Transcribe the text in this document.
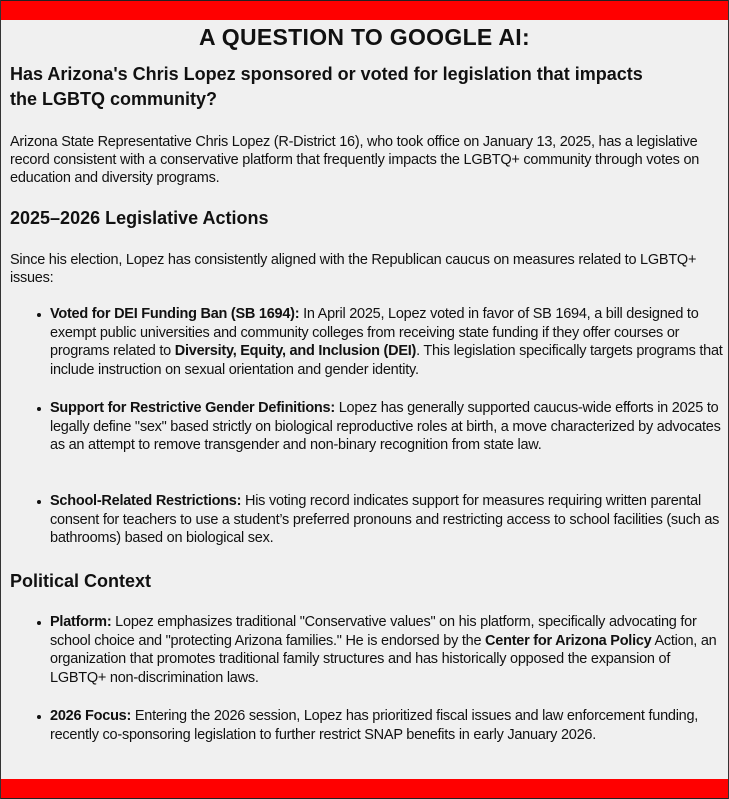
A QUESTION TO GOOGLE AI:
Has Arizona's Chris Lopez sponsored or voted for legislation that impacts the LGBTQ community?
Arizona State Representative Chris Lopez (R-District 16), who took office on January 13, 2025, has a legislative record consistent with a conservative platform that frequently impacts the LGBTQ+ community through votes on education and diversity programs.
2025–2026 Legislative Actions
Since his election, Lopez has consistently aligned with the Republican caucus on measures related to LGBTQ+ issues:
Voted for DEI Funding Ban (SB 1694): In April 2025, Lopez voted in favor of SB 1694, a bill designed to exempt public universities and community colleges from receiving state funding if they offer courses or programs related to Diversity, Equity, and Inclusion (DEI). This legislation specifically targets programs that include instruction on sexual orientation and gender identity.
Support for Restrictive Gender Definitions: Lopez has generally supported caucus-wide efforts in 2025 to legally define "sex" based strictly on biological reproductive roles at birth, a move characterized by advocates as an attempt to remove transgender and non-binary recognition from state law.
School-Related Restrictions: His voting record indicates support for measures requiring written parental consent for teachers to use a student’s preferred pronouns and restricting access to school facilities (such as bathrooms) based on biological sex.
Political Context
Platform: Lopez emphasizes traditional "Conservative values" on his platform, specifically advocating for school choice and "protecting Arizona families." He is endorsed by the Center for Arizona Policy Action, an organization that promotes traditional family structures and has historically opposed the expansion of LGBTQ+ non-discrimination laws.
2026 Focus: Entering the 2026 session, Lopez has prioritized fiscal issues and law enforcement funding, recently co-sponsoring legislation to further restrict SNAP benefits in early January 2026.
